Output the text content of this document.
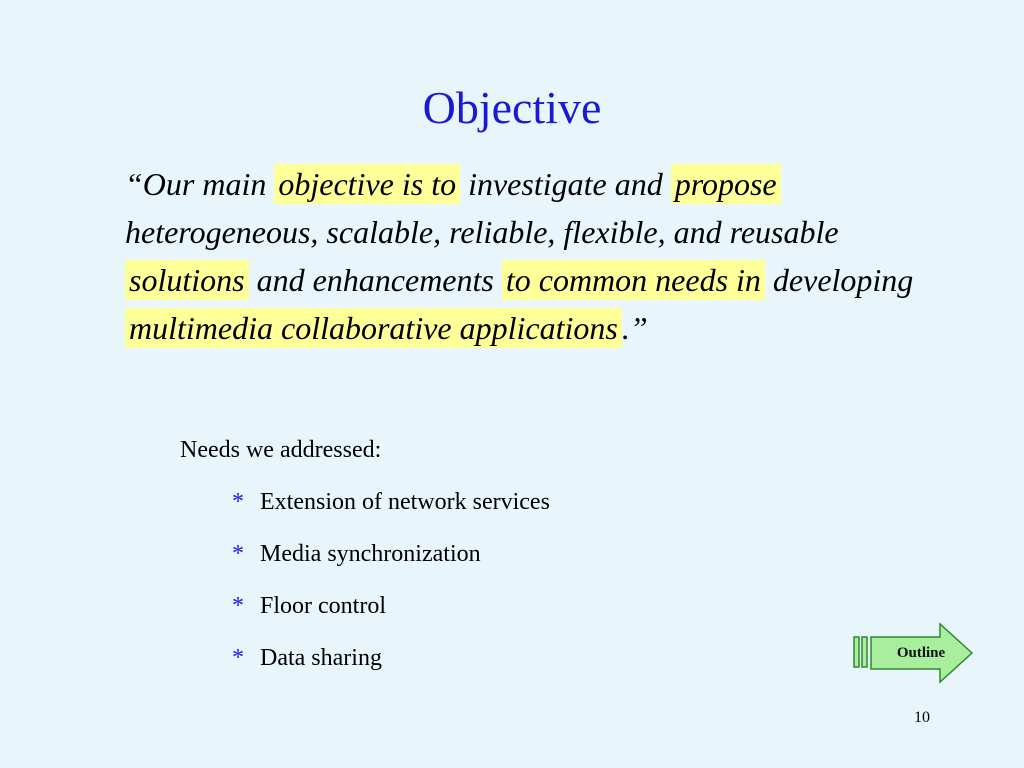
Objective

“Our main objective is to investigate and propose heterogeneous, scalable, reliable, flexible, and reusable solutions and enhancements to common needs in developing multimedia collaborative applications .”

Needs we addressed:
* Extension of network services
* Media synchronization
* Floor control
* Data sharing	Outline
10
